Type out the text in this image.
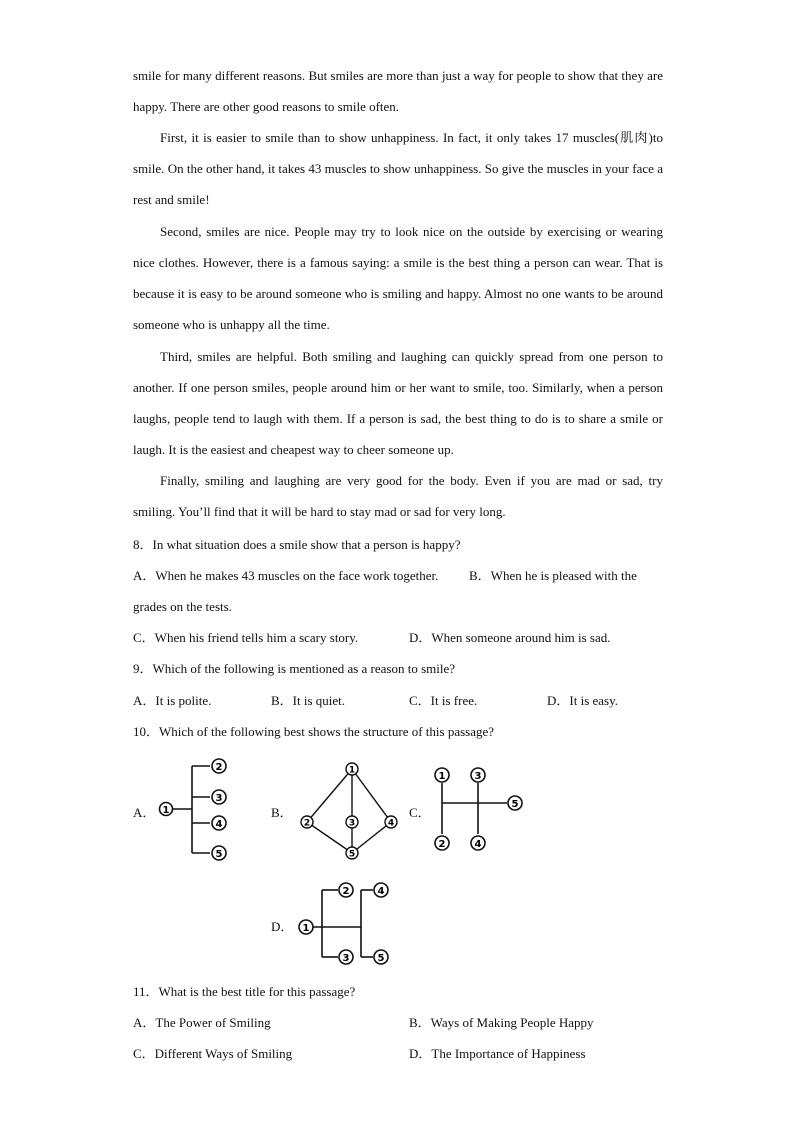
smile for many different reasons. But smiles are more than just a way for people to show that they are happy. There are other good reasons to smile often.
First, it is easier to smile than to show unhappiness. In fact, it only takes 17 muscles(肌肉)to smile. On the other hand, it takes 43 muscles to show unhappiness. So give the muscles in your face a rest and smile!
Second, smiles are nice. People may try to look nice on the outside by exercising or wearing nice clothes. However, there is a famous saying: a smile is the best thing a person can wear. That is because it is easy to be around someone who is smiling and happy. Almost no one wants to be around someone who is unhappy all the time.
Third, smiles are helpful. Both smiling and laughing can quickly spread from one person to another. If one person smiles, people around him or her want to smile, too. Similarly, when a person laughs, people tend to laugh with them. If a person is sad, the best thing to do is to share a smile or laugh. It is the easiest and cheapest way to cheer someone up.
Finally, smiling and laughing are very good for the body. Even if you are mad or sad, try smiling. You’ll find that it will be hard to stay mad or sad for very long.
8．In what situation does a smile show that a person is happy?
A．When he makes 43 muscles on the face work together. B．When he is pleased with the
grades on the tests.
C．When his friend tells him a scary story.	D．When someone around him is sad.
9．Which of the following is mentioned as a reason to smile?
A．It is polite.	B．It is quiet.	C．It is free.	D．It is easy.
10．Which of the following best shows the structure of this passage?
A． 1
2
3
4
5
B．
1
2	3	4
5
C．
1	3
5
2	4
D． 1
2
3
4
5
11．What is the best title for this passage?
A．The Power of Smiling	B．Ways of Making People Happy
C．Different Ways of Smiling	D．The Importance of Happiness
